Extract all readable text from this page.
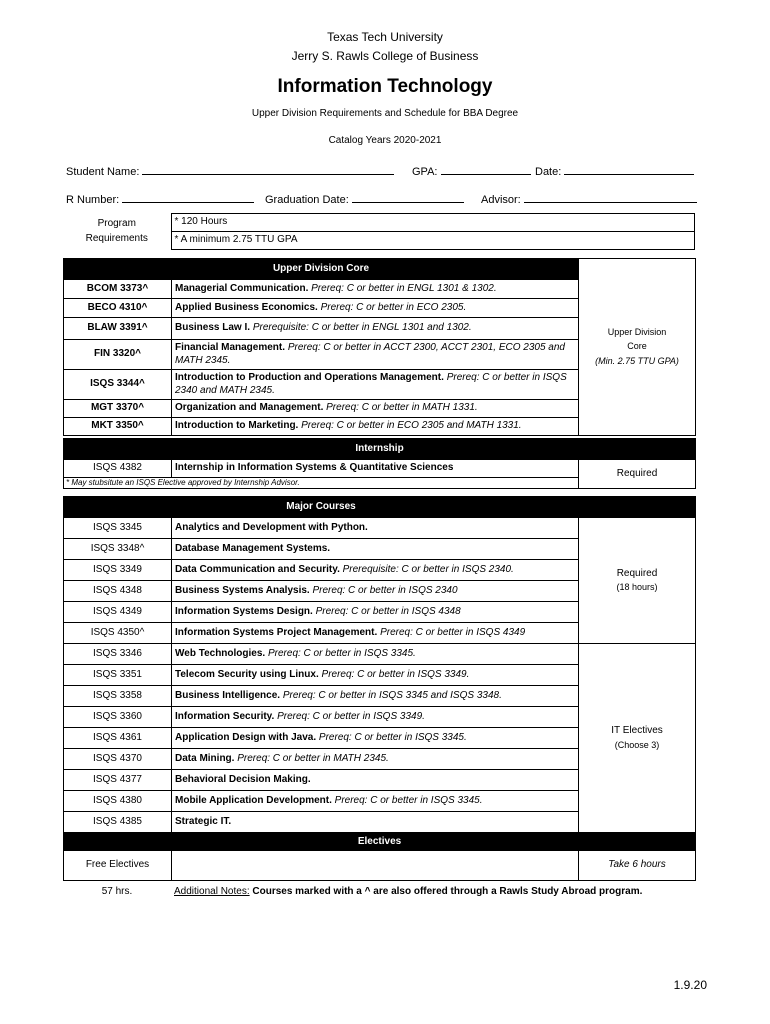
Texas Tech University
Jerry S. Rawls College of Business
Information Technology
Upper Division Requirements and Schedule for BBA Degree
Catalog Years 2020-2021
Student Name:	GPA:	Date:
R Number:	Graduation Date:	Advisor:
Program
Requirements
	* 120 Hours
* A minimum 2.75 TTU GPA
Upper Division Core		Upper Division
Core
(Min. 2.75 TTU GPA)

BCOM 3373^	Managerial Communication. Prereq: C or better in ENGL 1301 & 1302.	
BECO 4310^	Applied Business Economics. Prereq: C or better in ECO 2305.	
BLAW 3391^	Business Law I. Prerequisite: C or better in ENGL 1301 and 1302.	
FIN 3320^	Financial Management. Prereq: C or better in ACCT 2300, ACCT 2301, ECO 2305 and MATH 2345.	
ISQS 3344^	Introduction to Production and Operations Management. Prereq: C or better in ISQS 2340 and MATH 2345.	
MGT 3370^	Organization and Management. Prereq: C or better in MATH 1331.	
MKT 3350^	Introduction to Marketing. Prereq: C or better in ECO 2305 and MATH 1331.	
Internship
ISQS 4382	Internship in Information Systems & Quantitative Sciences	Required
* May stubsitute an ISQS Elective approved by Internship Advisor.
Major Courses		
ISQS 3345	Analytics and Development with Python.	Required
(18 hours)

ISQS 3348^	Database Management Systems.	
ISQS 3349	Data Communication and Security. Prerequisite: C or better in ISQS 2340.	
ISQS 4348	Business Systems Analysis. Prereq: C or better in ISQS 2340	
ISQS 4349	Information Systems Design. Prereq: C or better in ISQS 4348	
ISQS 4350^	Information Systems Project Management. Prereq: C or better in ISQS 4349	
ISQS 3346	Web Technologies. Prereq: C or better in ISQS 3345.	IT Electives
(Choose 3)

ISQS 3351	Telecom Security using Linux. Prereq: C or better in ISQS 3349.	
ISQS 3358	Business Intelligence. Prereq: C or better in ISQS 3345 and ISQS 3348.	
ISQS 3360	Information Security. Prereq: C or better in ISQS 3349.	
ISQS 4361	Application Design with Java. Prereq: C or better in ISQS 3345.	
ISQS 4370	Data Mining. Prereq: C or better in MATH 2345.	
ISQS 4377	Behavioral Decision Making.	
ISQS 4380	Mobile Application Development. Prereq: C or better in ISQS 3345.	
ISQS 4385	Strategic IT.	
Electives
Free Electives		Take 6 hours
57 hrs.	Additional Notes: Courses marked with a ^ are also offered through a Rawls Study Abroad program.
1.9.20
